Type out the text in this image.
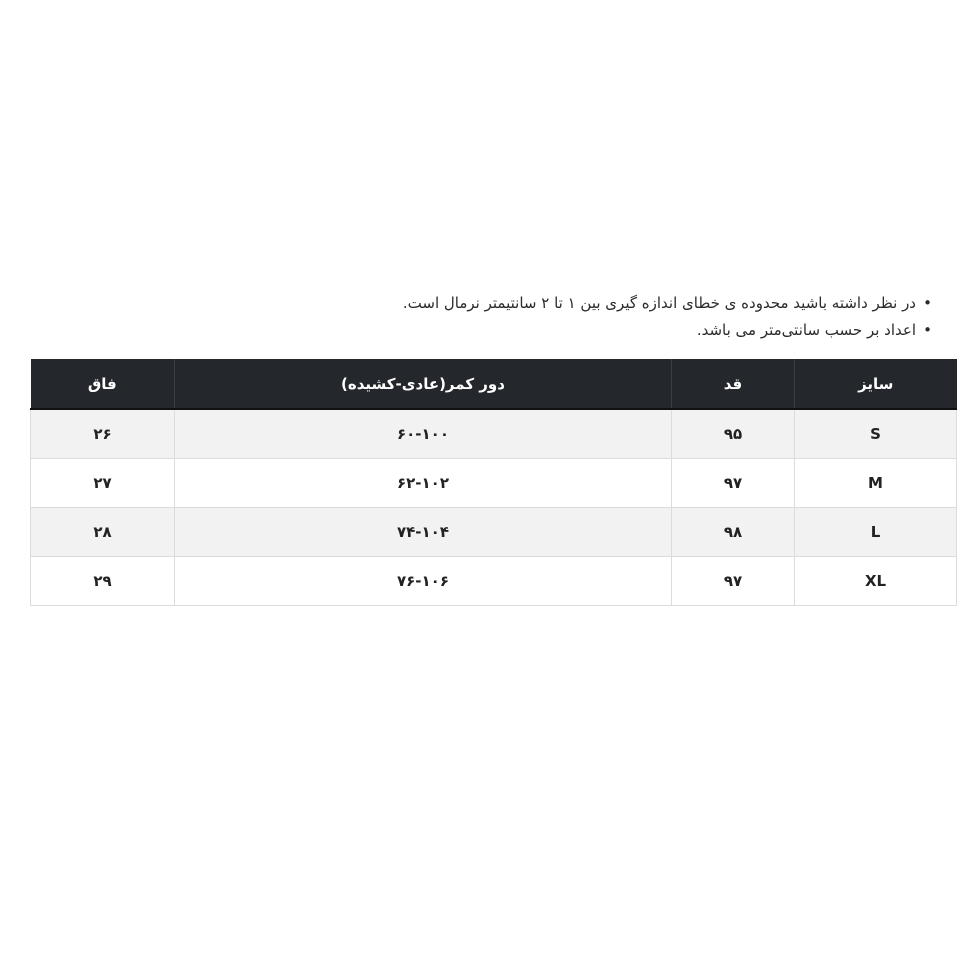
• در نظر داشته باشید محدوده ی خطای اندازه گیری بین ۱ تا ۲ سانتیمتر نرمال است.
• اعداد بر حسب سانتی‌متر می باشد.
سایز	قد	دور کمر(عادی-کشیده)	فاق
S	۹۵	۶۰-۱۰۰	۲۶
M	۹۷	۶۲-۱۰۲	۲۷
L	۹۸	۷۴-۱۰۴	۲۸
XL	۹۷	۷۶-۱۰۶	۲۹
